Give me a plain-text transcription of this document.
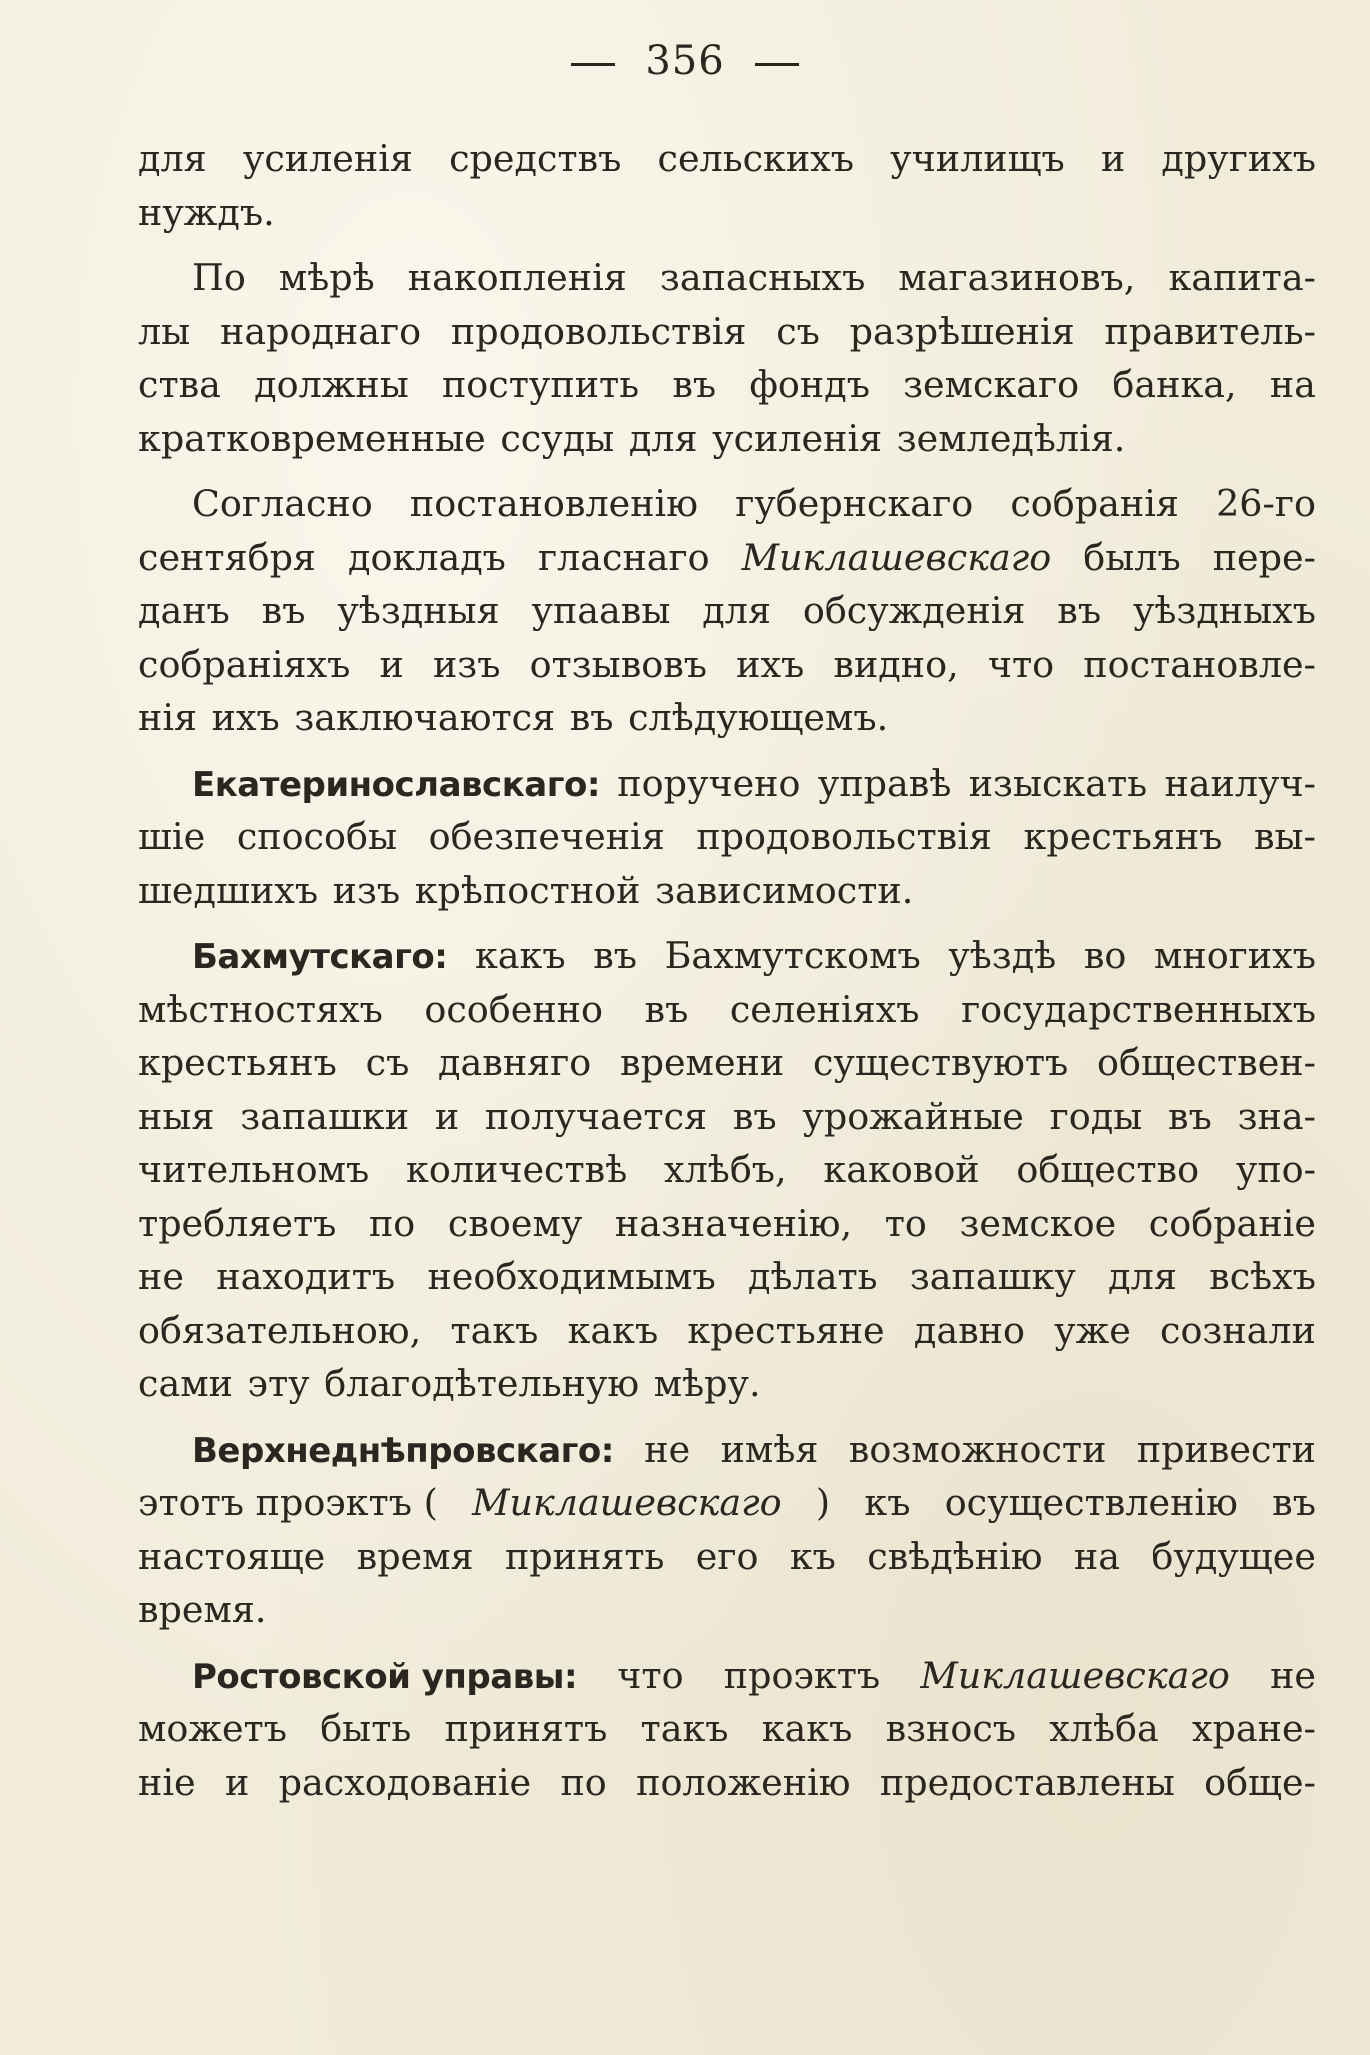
356
для усиленія средствъ сельскихъ училищъ и другихъ
нуждъ.
По мѣрѣ накопленія запасныхъ магазиновъ, капита-
лы народнаго продовольствія съ разрѣшенія правитель-
ства должны поступить въ фондъ земскаго банка, на
кратковременные ссуды для усиленія земледѣлія.
Согласно постановленію губернскаго собранія 26-го
сентября докладъ гласнаго Миклашевскаго былъ пере-
данъ въ уѣздныя упаавы для обсужденія въ уѣздныхъ
собраніяхъ и изъ отзывовъ ихъ видно, что постановле-
нія ихъ заключаются въ слѣдующемъ.
Екатеринославскаго: поручено управѣ изыскать наилуч-
шіе способы обезпеченія продовольствія крестьянъ вы-
шедшихъ изъ крѣпостной зависимости.
Бахмутскаго: какъ въ Бахмутскомъ уѣздѣ во многихъ
мѣстностяхъ особенно въ селеніяхъ государственныхъ
крестьянъ съ давняго времени существуютъ обществен-
ныя запашки и получается въ урожайные годы въ зна-
чительномъ количествѣ хлѣбъ, каковой общество упо-
требляетъ по своему назначенію, то земское собраніе
не находитъ необходимымъ дѣлать запашку для всѣхъ
обязательною, такъ какъ крестьяне давно уже сознали
сами эту благодѣтельную мѣру.
Верхнеднѣпровскаго: не имѣя возможности привести
этотъ проэктъ ( Миклашевскаго ) къ осуществленію въ
настояще время принять его къ свѣдѣнію на будущее
время.
Ростовской управы: что проэктъ Миклашевскаго не
можетъ быть принятъ такъ какъ взносъ хлѣба хране-
ніе и расходованіе по положенію предоставлены обще-
